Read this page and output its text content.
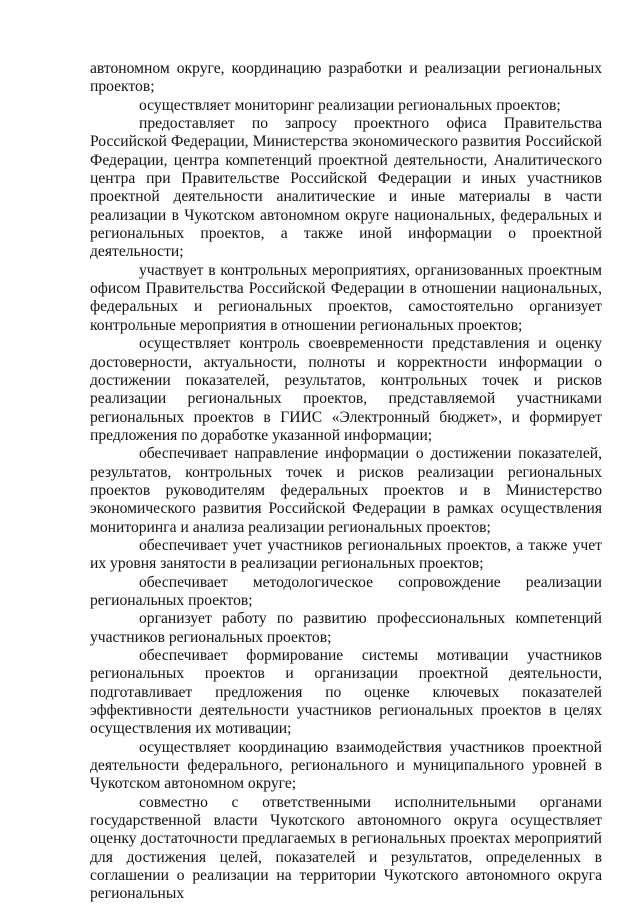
автономном округе, координацию разработки и реализации региональных проектов;

осуществляет мониторинг реализации региональных проектов;

предоставляет по запросу проектного офиса Правительства Российской Федерации, Министерства экономического развития Российской Федерации, центра компетенций проектной деятельности, Аналитического центра при Правительстве Российской Федерации и иных участников проектной деятельности аналитические и иные материалы в части реализации в Чукотском автономном округе национальных, федеральных и региональных проектов, а также иной информации о проектной деятельности;

участвует в контрольных мероприятиях, организованных проектным офисом Правительства Российской Федерации в отношении национальных, федеральных и региональных проектов, самостоятельно организует контрольные мероприятия в отношении региональных проектов;

осуществляет контроль своевременности представления и оценку достоверности, актуальности, полноты и корректности информации о достижении показателей, результатов, контрольных точек и рисков реализации региональных проектов, представляемой участниками региональных проектов в ГИИС «Электронный бюджет», и формирует предложения по доработке указанной информации;

обеспечивает направление информации о достижении показателей, результатов, контрольных точек и рисков реализации региональных проектов руководителям федеральных проектов и в Министерство экономического развития Российской Федерации в рамках осуществления мониторинга и анализа реализации региональных проектов;

обеспечивает учет участников региональных проектов, а также учет их уровня занятости в реализации региональных проектов;

обеспечивает методологическое сопровождение реализации региональных проектов;

организует работу по развитию профессиональных компетенций участников региональных проектов;

обеспечивает формирование системы мотивации участников региональных проектов и организации проектной деятельности, подготавливает предложения по оценке ключевых показателей эффективности деятельности участников региональных проектов в целях осуществления их мотивации;

осуществляет координацию взаимодействия участников проектной деятельности федерального, регионального и муниципального уровней в Чукотском автономном округе;

совместно с ответственными исполнительными органами государственной власти Чукотского автономного округа осуществляет оценку достаточности предлагаемых в региональных проектах мероприятий для достижения целей, показателей и результатов, определенных в соглашении о реализации на территории Чукотского автономного округа региональных
